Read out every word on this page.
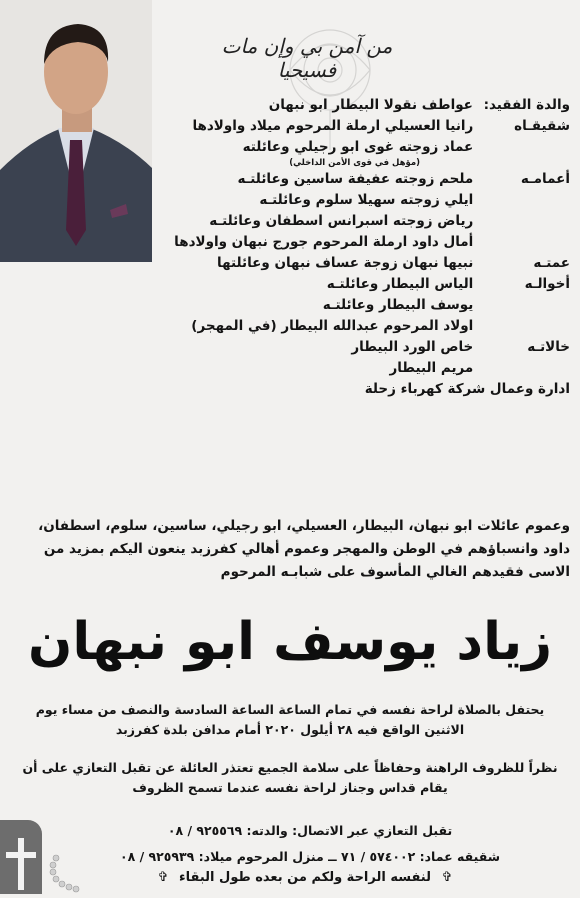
من آمن بي وإن مات فسيحيا
والدة الفقيد: عواطف نقولا البيطار ابو نبهان
شقيقـاه رانيا العسيلي ارملة المرحوم ميلاد واولادها
عماد زوجته غوى ابو رجيلي وعائلته
(مؤهل في قوى الأمن الداخلي)
أعمامـه ملحم زوجته عفيفة ساسين وعائلتـه
ايلي زوجته سهيلا سلوم وعائلتـه
رياض زوجته اسبرانس اسطفان وعائلتـه
أمال داود ارملة المرحوم جورج نبهان واولادها
عمتـه نبيها نبهان زوجة عساف نبهان وعائلتها
أخوالـه الياس البيطار وعائلتـه
يوسف البيطار وعائلتـه
اولاد المرحوم عبدالله البيطار (في المهجر)
خالاتـه خاص الورد البيطار
مريم البيطار
ادارة وعمال شركة كهرباء زحلة
وعموم عائلات ابو نبهان، البيطار، العسيلي، ابو رجيلي، ساسين، سلوم، اسطفان، داود وانسباؤهم في الوطن والمهجر وعموم أهالي كفرزبد ينعون اليكم بمزيد من الاسى فقيدهم الغالي المأسوف على شبابـه المرحوم
زياد يوسف ابو نبهان
يحتفل بالصلاة لراحة نفسه في تمام الساعة الساعة السادسة والنصف من مساء يوم الاثنين الواقع فيه ٢٨ أيلول ٢٠٢٠ أمام مدافن بلدة كفرزبد
نظراً للظروف الراهنة وحفاظاً على سلامة الجميع تعتذر العائلة عن تقبل التعازي على أن يقام قداس وجناز لراحة نفسه عندما تسمح الظروف
تقبل التعازي عبر الاتصال: والدته: ٩٢٥٥٦٩ / ٠٨
شقيقه عماد: ٥٧٤٠٠٢ / ٧١ ــ منزل المرحوم ميلاد: ٩٢٥٩٣٩ / ٠٨
✞ لنفسه الراحة ولكم من بعده طول البقاء ✞
